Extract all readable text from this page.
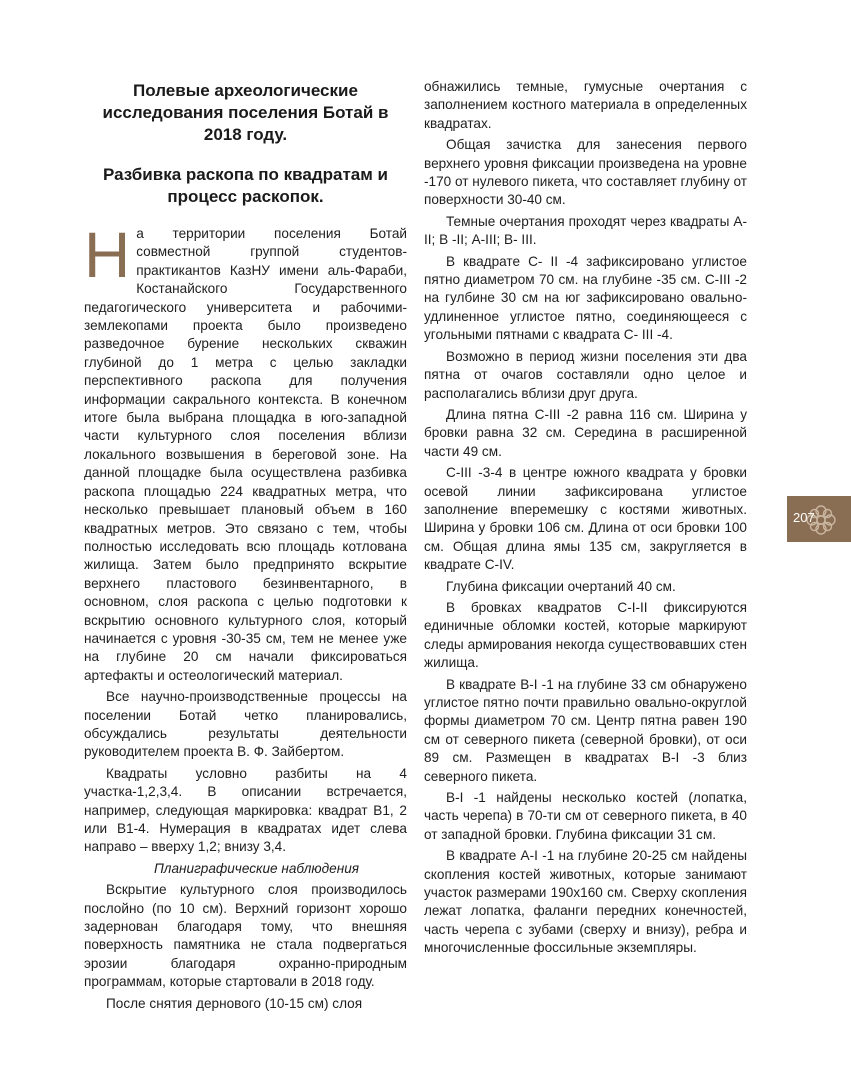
Полевые археологические исследования поселения Ботай в 2018 году.
Разбивка раскопа по квадратам и процесс раскопок.

На территории поселения Ботай совместной группой студентов-практикантов КазНУ имени аль-Фараби, Костанайского Государственного педагогического университета и рабочими-землекопами проекта было произведено разведочное бурение нескольких скважин глубиной до 1 метра с целью закладки перспективного раскопа для получения информации сакрального контекста. В конечном итоге была выбрана площадка в юго-западной части культурного слоя поселения вблизи локального возвышения в береговой зоне. На данной площадке была осуществлена разбивка раскопа площадью 224 квадратных метра, что несколько превышает плановый объем в 160 квадратных метров. Это связано с тем, чтобы полностью исследовать всю площадь котлована жилища. Затем было предпринято вскрытие верхнего пластового безинвентарного, в основном, слоя раскопа с целью подготовки к вскрытию основного культурного слоя, который начинается с уровня -30-35 см, тем не менее уже на глубине 20 см начали фиксироваться артефакты и остеологический материал.

Все научно-производственные процессы на поселении Ботай четко планировались, обсуждались результаты деятельности руководителем проекта В. Ф. Зайбертом.

Квадраты условно разбиты на 4 участка-1,2,3,4. В описании встречается, например, следующая маркировка: квадрат В1, 2 или В1-4. Нумерация в квадратах идет слева направо – вверху 1,2; внизу 3,4.

Планиграфические наблюдения

Вскрытие культурного слоя производилось послойно (по 10 см). Верхний горизонт хорошо задернован благодаря тому, что внешняя поверхность памятника не стала подвергаться эрозии благодаря охранно-природным программам, которые стартовали в 2018 году.

После снятия дернового (10-15 см) слоя

обнажились темные, гумусные очертания с заполнением костного материала в определенных квадратах.

Общая зачистка для занесения первого верхнего уровня фиксации произведена на уровне -170 от нулевого пикета, что составляет глубину от поверхности 30-40 см.

Темные очертания проходят через квадраты А- II; В -II; А-III; В- III.

В квадрате С- II -4 зафиксировано углистое пятно диаметром 70 см. на глубине -35 см. С-III -2 на гулбине 30 см на юг зафиксировано овально-удлиненное углистое пятно, соединяющееся с угольными пятнами с квадрата С- III -4.

Возможно в период жизни поселения эти два пятна от очагов составляли одно целое и располагались вблизи друг друга.

Длина пятна С-III -2 равна 116 см. Ширина у бровки равна 32 см. Середина в расширенной части 49 см.

С-III -3-4 в центре южного квадрата у бровки осевой линии зафиксирована углистое заполнение вперемешку с костями животных. Ширина у бровки 106 см. Длина от оси бровки 100 см. Общая длина ямы 135 см, закругляется в квадрате С-IV.

Глубина фиксации очертаний 40 см.

В бровках квадратов С-I-II фиксируются единичные обломки костей, которые маркируют следы армирования некогда существовавших стен жилища.

В квадрате В-I -1 на глубине 33 см обнаружено углистое пятно почти правильно овально-округлой формы диаметром 70 см. Центр пятна равен 190 см от северного пикета (северной бровки), от оси 89 см. Размещен в квадратах В-I -3 близ северного пикета.

В-I -1 найдены несколько костей (лопатка, часть черепа) в 70-ти см от северного пикета, в 40 от западной бровки. Глубина фиксации 31 см.

В квадрате А-I -1 на глубине 20-25 см найдены скопления костей животных, которые занимают участок размерами 190х160 см. Сверху скопления лежат лопатка, фаланги передних конечностей, часть черепа с зубами (сверху и внизу), ребра и многочисленные фоссильные экземпляры.

207
